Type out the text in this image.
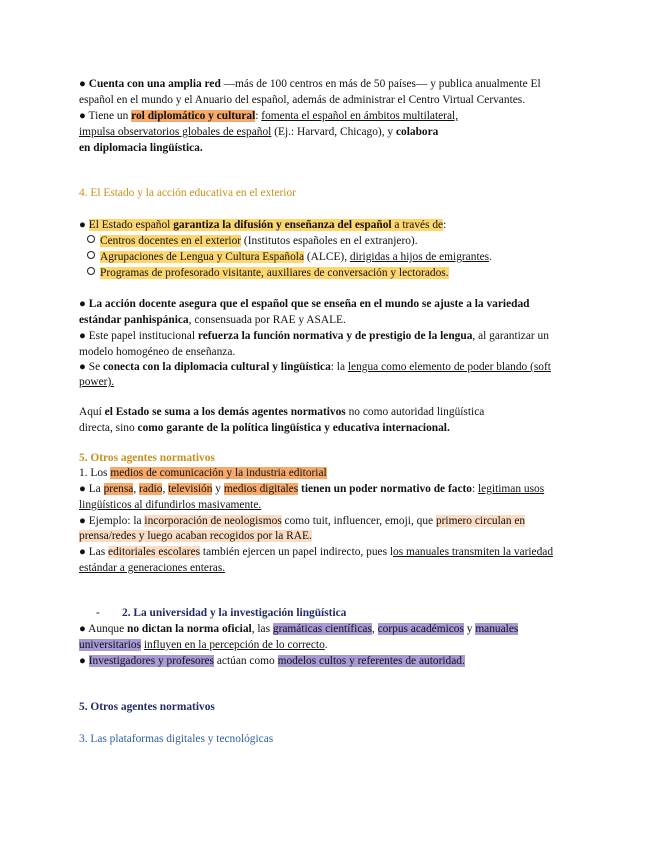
● Cuenta con una amplia red —más de 100 centros en más de 50 países— y publica anualmente El
español en el mundo y el Anuario del español, además de administrar el Centro Virtual Cervantes.
● Tiene un rol diplomático y cultural: fomenta el español en ámbitos multilateral,
impulsa observatorios globales de español (Ej.: Harvard, Chicago), y colabora
en diplomacia lingüística.
4. El Estado y la acción educativa en el exterior
● El Estado español garantiza la difusión y enseñanza del español a través de:
Centros docentes en el exterior (Institutos españoles en el extranjero).
Agrupaciones de Lengua y Cultura Española (ALCE), dirigidas a hijos de emigrantes.
Programas de profesorado visitante, auxiliares de conversación y lectorados.
● La acción docente asegura que el español que se enseña en el mundo se ajuste a la variedad
estándar panhispánica, consensuada por RAE y ASALE.
● Este papel institucional refuerza la función normativa y de prestigio de la lengua, al garantizar un
modelo homogéneo de enseñanza.
● Se conecta con la diplomacia cultural y lingüística: la lengua como elemento de poder blando (soft
power).
Aquí el Estado se suma a los demás agentes normativos no como autoridad lingüística
directa, sino como garante de la política lingüística y educativa internacional.
5. Otros agentes normativos
1. Los medios de comunicación y la industria editorial
● La prensa, radio, televisión y medios digitales tienen un poder normativo de facto: legitiman usos
lingüísticos al difundirlos masivamente.
● Ejemplo: la incorporación de neologismos como tuit, influencer, emoji, que primero circulan en
prensa/redes y luego acaban recogidos por la RAE.
● Las editoriales escolares también ejercen un papel indirecto, pues los manuales transmiten la variedad
estándar a generaciones enteras.
- 2. La universidad y la investigación lingüística
● Aunque no dictan la norma oficial, las gramáticas científicas, corpus académicos y manuales
universitarios influyen en la percepción de lo correcto.
● Investigadores y profesores actúan como modelos cultos y referentes de autoridad.
5. Otros agentes normativos
3. Las plataformas digitales y tecnológicas
